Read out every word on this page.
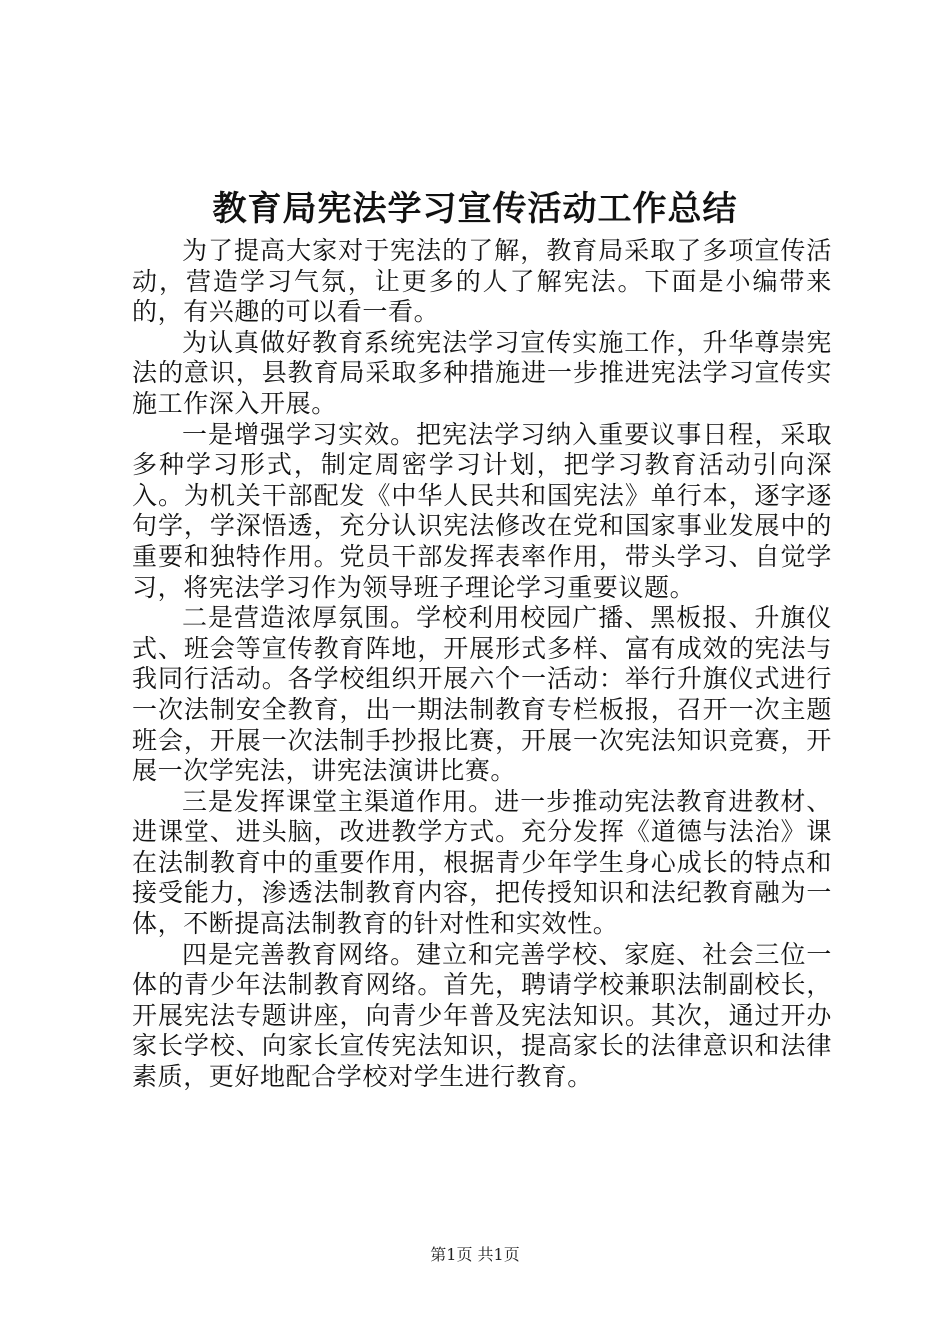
教育局宪法学习宣传活动工作总结

为了提高大家对于宪法的了解，教育局采取了多项宣传活动，营造学习气氛，让更多的人了解宪法。下面是小编带来的，有兴趣的可以看一看。

为认真做好教育系统宪法学习宣传实施工作，升华尊崇宪法的意识，县教育局采取多种措施进一步推进宪法学习宣传实施工作深入开展。

一是增强学习实效。把宪法学习纳入重要议事日程，采取多种学习形式，制定周密学习计划，把学习教育活动引向深入。为机关干部配发《中华人民共和国宪法》单行本，逐字逐句学，学深悟透，充分认识宪法修改在党和国家事业发展中的重要和独特作用。党员干部发挥表率作用，带头学习、自觉学习，将宪法学习作为领导班子理论学习重要议题。

二是营造浓厚氛围。学校利用校园广播、黑板报、升旗仪式、班会等宣传教育阵地，开展形式多样、富有成效的宪法与我同行活动。各学校组织开展六个一活动：举行升旗仪式进行一次法制安全教育，出一期法制教育专栏板报，召开一次主题班会，开展一次法制手抄报比赛，开展一次宪法知识竞赛，开展一次学宪法，讲宪法演讲比赛。

三是发挥课堂主渠道作用。进一步推动宪法教育进教材、进课堂、进头脑，改进教学方式。充分发挥《道德与法治》课在法制教育中的重要作用，根据青少年学生身心成长的特点和接受能力，渗透法制教育内容，把传授知识和法纪教育融为一体，不断提高法制教育的针对性和实效性。

四是完善教育网络。建立和完善学校、家庭、社会三位一体的青少年法制教育网络。首先，聘请学校兼职法制副校长，开展宪法专题讲座，向青少年普及宪法知识。其次，通过开办家长学校、向家长宣传宪法知识，提高家长的法律意识和法律素质，更好地配合学校对学生进行教育。

第1页 共1页
